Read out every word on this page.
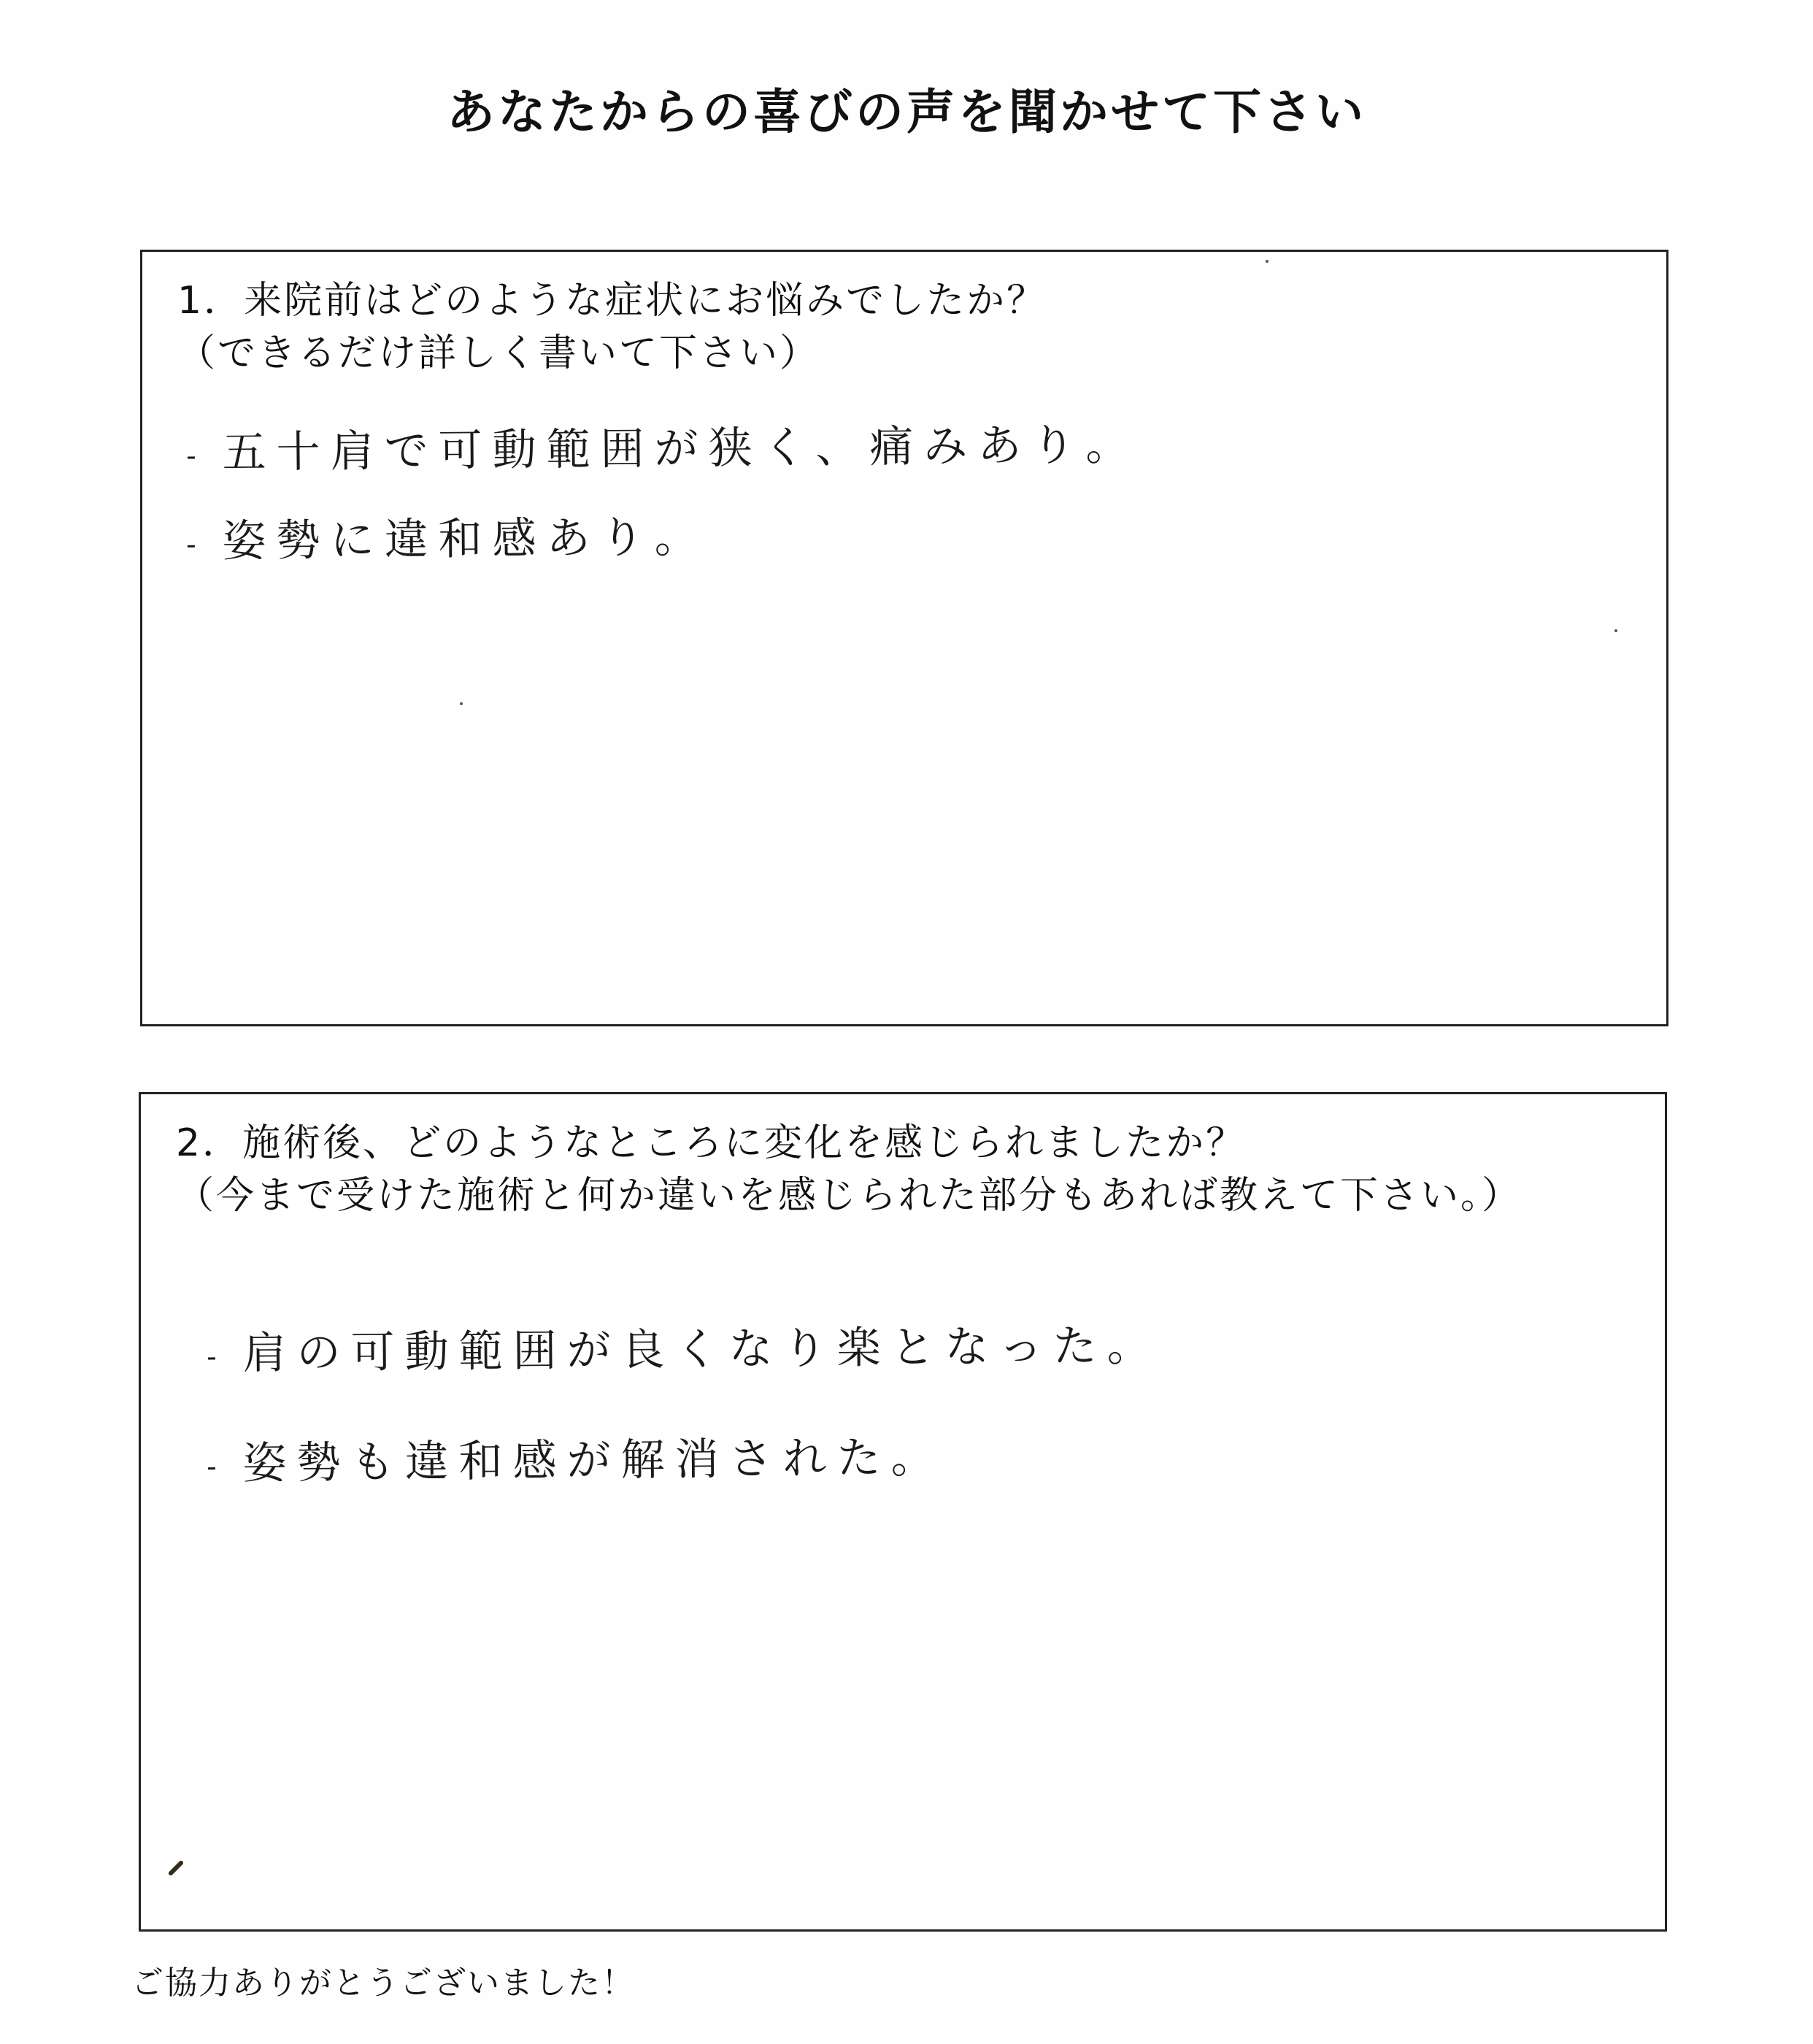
あなたからの喜びの声を聞かせて下さい
1．来院前はどのような症状にお悩みでしたか？
（できるだけ詳しく書いて下さい）
- 五十肩で可動範囲が狭く、痛みあり。
- 姿勢に違和感あり。
2．施術後、どのようなところに変化を感じられましたか？
（今まで受けた施術と何か違いを感じられた部分もあれば教えて下さい。）
- 肩の可動範囲が良くなり楽となった。
- 姿勢も違和感が解消された。
ご協力ありがとうございました！
